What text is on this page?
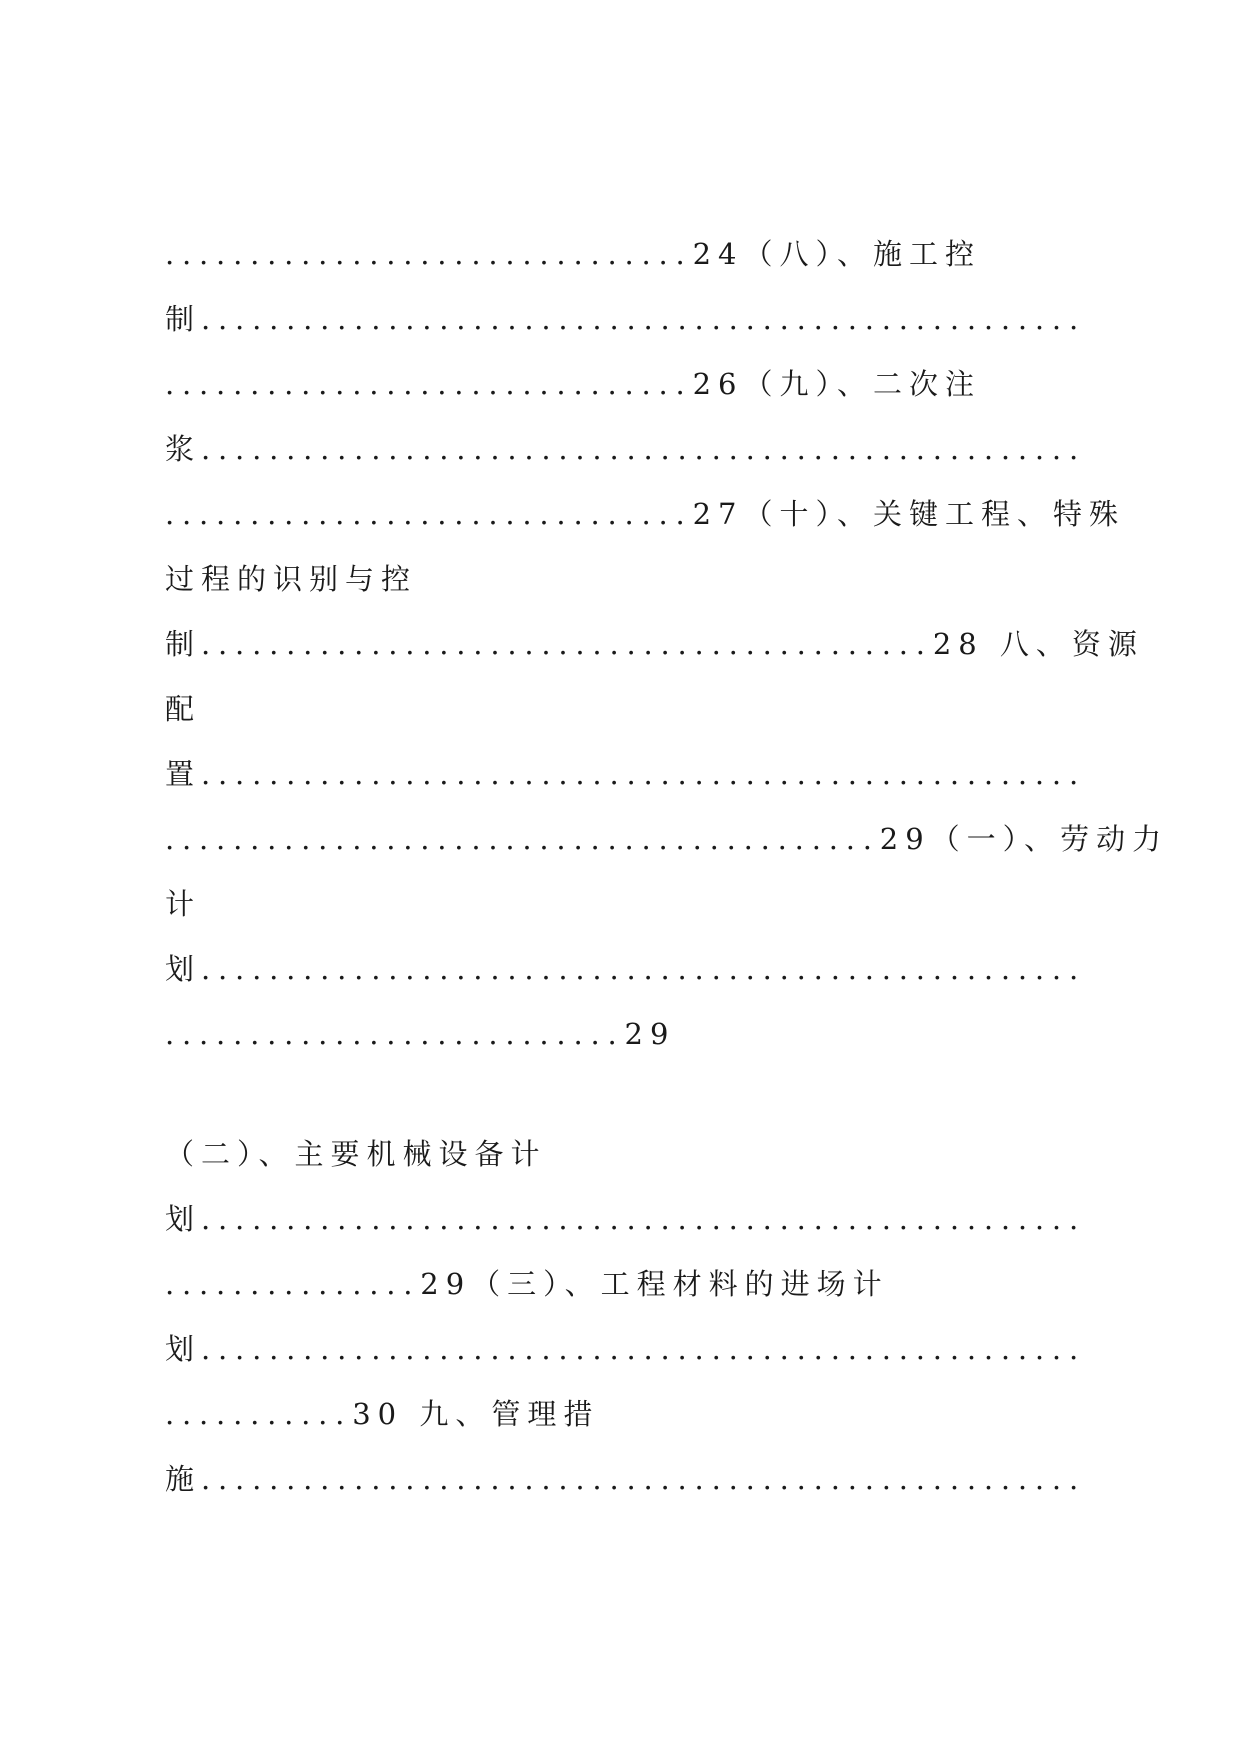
...............................24（八）、施工控
制....................................................
...............................26（九）、二次注
浆....................................................
...............................27（十）、关键工程、特殊
过程的识别与控
制...........................................28 八、资源
配
置....................................................
..........................................29（一）、劳动力
计
划....................................................
...........................29
（二）、主要机械设备计
划....................................................
...............29（三）、工程材料的进场计
划....................................................
...........30 九、管理措
施....................................................
